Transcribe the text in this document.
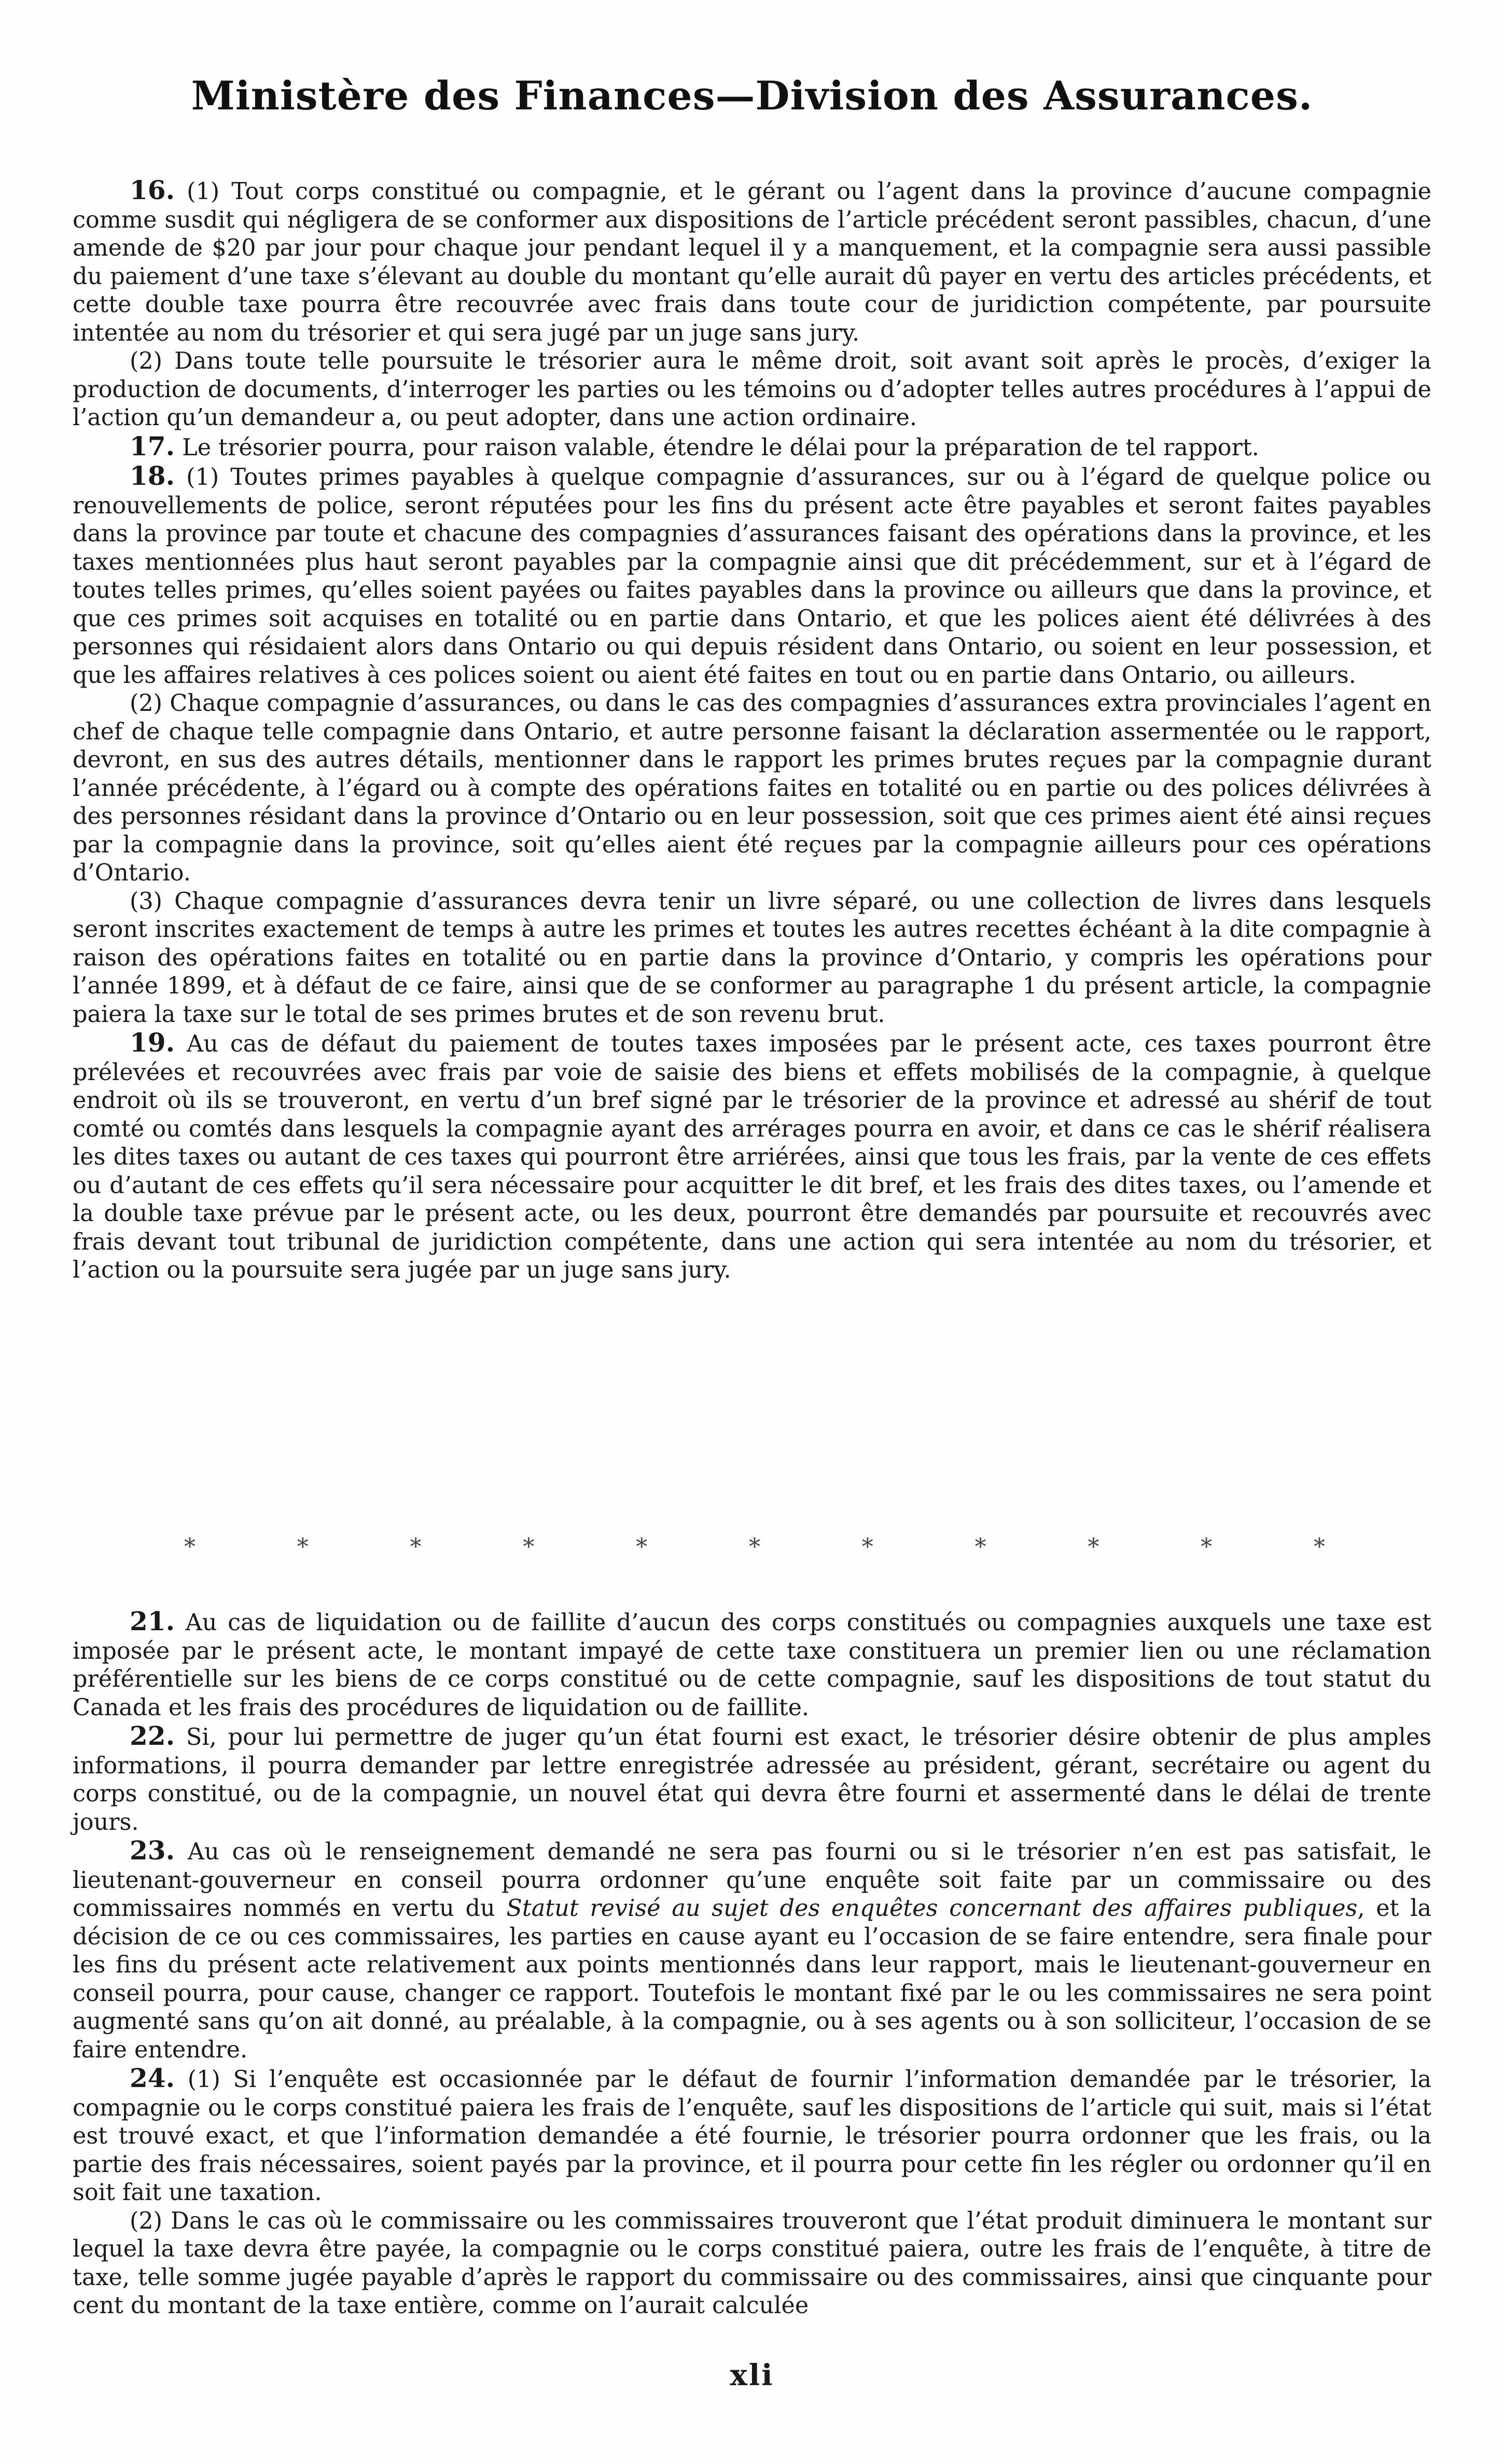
Ministère des Finances—Division des Assurances.

16. (1) Tout corps constitué ou compagnie, et le gérant ou l’agent dans la province d’aucune compagnie comme susdit qui négligera de se conformer aux dispositions de l’article précédent seront passibles, chacun, d’une amende de $20 par jour pour chaque jour pendant lequel il y a manquement, et la compagnie sera aussi passible du paiement d’une taxe s’élevant au double du montant qu’elle aurait dû payer en vertu des articles précédents, et cette double taxe pourra être recouvrée avec frais dans toute cour de juridiction compétente, par poursuite intentée au nom du trésorier et qui sera jugé par un juge sans jury.

(2) Dans toute telle poursuite le trésorier aura le même droit, soit avant soit après le procès, d’exiger la production de documents, d’interroger les parties ou les témoins ou d’adopter telles autres procédures à l’appui de l’action qu’un demandeur a, ou peut adopter, dans une action ordinaire.

17. Le trésorier pourra, pour raison valable, étendre le délai pour la préparation de tel rapport.

18. (1) Toutes primes payables à quelque compagnie d’assurances, sur ou à l’égard de quelque police ou renouvellements de police, seront réputées pour les fins du présent acte être payables et seront faites payables dans la province par toute et chacune des compagnies d’assurances faisant des opérations dans la province, et les taxes mentionnées plus haut seront payables par la compagnie ainsi que dit précédemment, sur et à l’égard de toutes telles primes, qu’elles soient payées ou faites payables dans la province ou ailleurs que dans la province, et que ces primes soit acquises en totalité ou en partie dans Ontario, et que les polices aient été délivrées à des personnes qui résidaient alors dans Ontario ou qui depuis résident dans Ontario, ou soient en leur possession, et que les affaires relatives à ces polices soient ou aient été faites en tout ou en partie dans Ontario, ou ailleurs.

(2) Chaque compagnie d’assurances, ou dans le cas des compagnies d’assurances extra provinciales l’agent en chef de chaque telle compagnie dans Ontario, et autre personne faisant la déclaration assermentée ou le rapport, devront, en sus des autres détails, mentionner dans le rapport les primes brutes reçues par la compagnie durant l’année précédente, à l’égard ou à compte des opérations faites en totalité ou en partie ou des polices délivrées à des personnes résidant dans la province d’Ontario ou en leur possession, soit que ces primes aient été ainsi reçues par la compagnie dans la province, soit qu’elles aient été reçues par la compagnie ailleurs pour ces opérations d’Ontario.

(3) Chaque compagnie d’assurances devra tenir un livre séparé, ou une collection de livres dans lesquels seront inscrites exactement de temps à autre les primes et toutes les autres recettes échéant à la dite compagnie à raison des opérations faites en totalité ou en partie dans la province d’Ontario, y compris les opérations pour l’année 1899, et à défaut de ce faire, ainsi que de se conformer au paragraphe 1 du présent article, la compagnie paiera la taxe sur le total de ses primes brutes et de son revenu brut.

19. Au cas de défaut du paiement de toutes taxes imposées par le présent acte, ces taxes pourront être prélevées et recouvrées avec frais par voie de saisie des biens et effets mobilisés de la compagnie, à quelque endroit où ils se trouveront, en vertu d’un bref signé par le trésorier de la province et adressé au shérif de tout comté ou comtés dans lesquels la compagnie ayant des arrérages pourra en avoir, et dans ce cas le shérif réalisera les dites taxes ou autant de ces taxes qui pourront être arriérées, ainsi que tous les frais, par la vente de ces effets ou d’autant de ces effets qu’il sera nécessaire pour acquitter le dit bref, et les frais des dites taxes, ou l’amende et la double taxe prévue par le présent acte, ou les deux, pourront être demandés par poursuite et recouvrés avec frais devant tout tribunal de juridiction compétente, dans une action qui sera intentée au nom du trésorier, et l’action ou la poursuite sera jugée par un juge sans jury.

*	*	*	*	*	*	*	*	*	*	*

21. Au cas de liquidation ou de faillite d’aucun des corps constitués ou compagnies auxquels une taxe est imposée par le présent acte, le montant impayé de cette taxe constituera un premier lien ou une réclamation préférentielle sur les biens de ce corps constitué ou de cette compagnie, sauf les dispositions de tout statut du Canada et les frais des procédures de liquidation ou de faillite.

22. Si, pour lui permettre de juger qu’un état fourni est exact, le trésorier désire obtenir de plus amples informations, il pourra demander par lettre enregistrée adressée au président, gérant, secrétaire ou agent du corps constitué, ou de la compagnie, un nouvel état qui devra être fourni et assermenté dans le délai de trente jours.

23. Au cas où le renseignement demandé ne sera pas fourni ou si le trésorier n’en est pas satisfait, le lieutenant-gouverneur en conseil pourra ordonner qu’une enquête soit faite par un commissaire ou des commissaires nommés en vertu du Statut revisé au sujet des enquêtes concernant des affaires publiques, et la décision de ce ou ces commissaires, les parties en cause ayant eu l’occasion de se faire entendre, sera finale pour les fins du présent acte relativement aux points mentionnés dans leur rapport, mais le lieutenant-gouverneur en conseil pourra, pour cause, changer ce rapport. Toutefois le montant fixé par le ou les commissaires ne sera point augmenté sans qu’on ait donné, au préalable, à la compagnie, ou à ses agents ou à son solliciteur, l’occasion de se faire entendre.

24. (1) Si l’enquête est occasionnée par le défaut de fournir l’information demandée par le trésorier, la compagnie ou le corps constitué paiera les frais de l’enquête, sauf les dispositions de l’article qui suit, mais si l’état est trouvé exact, et que l’information demandée a été fournie, le trésorier pourra ordonner que les frais, ou la partie des frais nécessaires, soient payés par la province, et il pourra pour cette fin les régler ou ordonner qu’il en soit fait une taxation.

(2) Dans le cas où le commissaire ou les commissaires trouveront que l’état produit diminuera le montant sur lequel la taxe devra être payée, la compagnie ou le corps constitué paiera, outre les frais de l’enquête, à titre de taxe, telle somme jugée payable d’après le rapport du commissaire ou des commissaires, ainsi que cinquante pour cent du montant de la taxe entière, comme on l’aurait calculée

xli
